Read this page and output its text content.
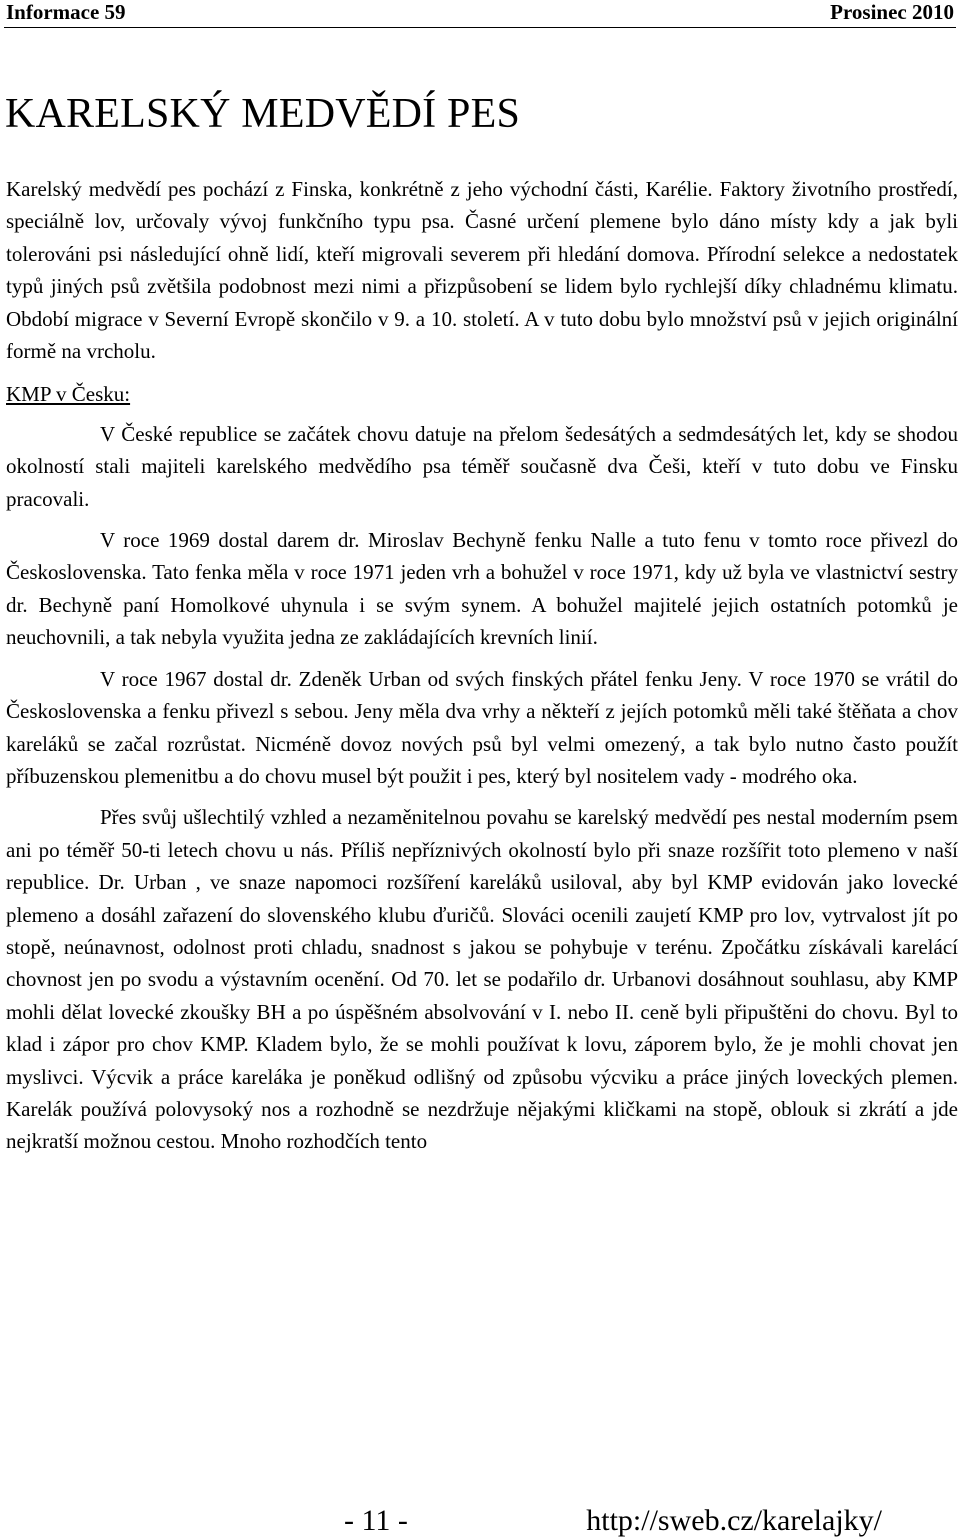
Informace 59	Prosinec 2010
KARELSKÝ MEDVĚDÍ PES

Karelský medvědí pes pochází z Finska, konkrétně z jeho východní části, Karélie. Faktory životního prostředí, speciálně lov, určovaly vývoj funkčního typu psa. Časné určení plemene bylo dáno místy kdy a jak byli tolerováni psi následující ohně lidí, kteří migrovali severem při hledání domova. Přírodní selekce a nedostatek typů jiných psů zvětšila podobnost mezi nimi a přizpůsobení se lidem bylo rychlejší díky chladnému klimatu. Období migrace v Severní Evropě skončilo v 9. a 10. století. A v tuto dobu bylo množství psů v jejich originální formě na vrcholu.

KMP v Česku:

V České republice se začátek chovu datuje na přelom šedesátých a sedmdesátých let, kdy se shodou okolností stali majiteli karelského medvědího psa téměř současně dva Češi, kteří v tuto dobu ve Finsku pracovali.

V roce 1969 dostal darem dr. Miroslav Bechyně fenku Nalle a tuto fenu v tomto roce přivezl do Československa. Tato fenka měla v roce 1971 jeden vrh a bohužel v roce 1971, kdy už byla ve vlastnictví sestry dr. Bechyně paní Homolkové uhynula i se svým synem. A bohužel majitelé jejich ostatních potomků je neuchovnili, a tak nebyla využita jedna ze zakládajících krevních linií.

V roce 1967 dostal dr. Zdeněk Urban od svých finských přátel fenku Jeny. V roce 1970 se vrátil do Československa a fenku přivezl s sebou. Jeny měla dva vrhy a někteří z jejích potomků měli také štěňata a chov kareláků se začal rozrůstat. Nicméně dovoz nových psů byl velmi omezený, a tak bylo nutno často použít příbuzenskou plemenitbu a do chovu musel být použit i pes, který byl nositelem vady - modrého oka.

Přes svůj ušlechtilý vzhled a nezaměnitelnou povahu se karelský medvědí pes nestal moderním psem ani po téměř 50-ti letech chovu u nás. Příliš nepříznivých okolností bylo při snaze rozšířit toto plemeno v naší republice. Dr. Urban , ve snaze napomoci rozšíření kareláků usiloval, aby byl KMP evidován jako lovecké plemeno a dosáhl zařazení do slovenského klubu ďuričů. Slováci ocenili zaujetí KMP pro lov, vytrvalost jít po stopě, neúnavnost, odolnost proti chladu, snadnost s jakou se pohybuje v terénu. Zpočátku získávali karelácí chovnost jen po svodu a výstavním ocenění. Od 70. let se podařilo dr. Urbanovi dosáhnout souhlasu, aby KMP mohli dělat lovecké zkoušky BH a po úspěšném absolvování v I. nebo II. ceně byli připuštěni do chovu. Byl to klad i zápor pro chov KMP. Kladem bylo, že se mohli používat k lovu, záporem bylo, že je mohli chovat jen myslivci. Výcvik a práce kareláka je poněkud odlišný od způsobu výcviku a práce jiných loveckých plemen. Karelák používá polovysoký nos a rozhodně se nezdržuje nějakými kličkami na stopě, oblouk si zkrátí a jde nejkratší možnou cestou. Mnoho rozhodčích tento

- 11 -	http://sweb.cz/karelajky/
